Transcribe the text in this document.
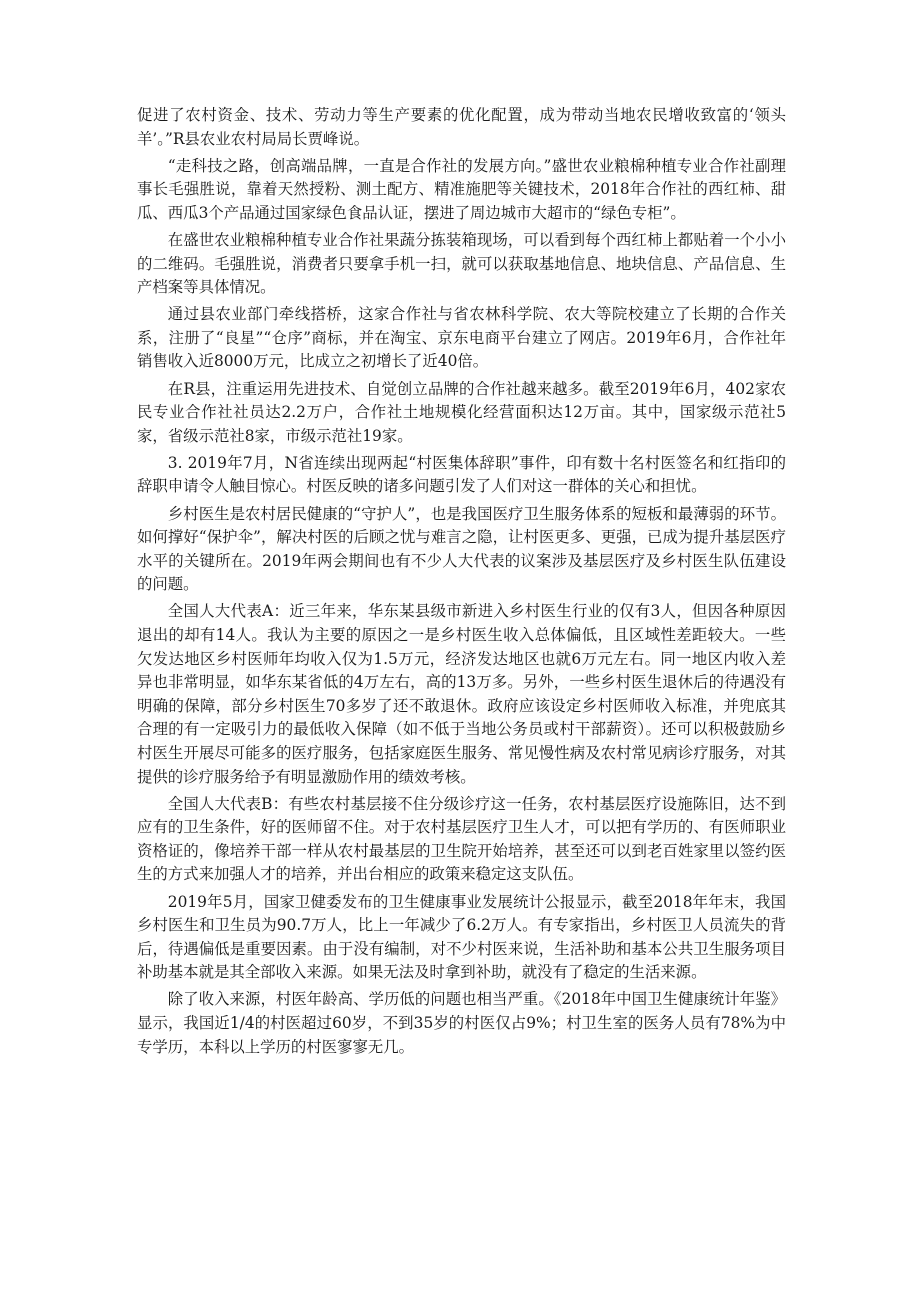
促进了农村资金、技术、劳动力等生产要素的优化配置，成为带动当地农民增收致富的‘领头羊’。”R县农业农村局局长贾峰说。

“走科技之路，创高端品牌，一直是合作社的发展方向。”盛世农业粮棉种植专业合作社副理事长毛强胜说，靠着天然授粉、测土配方、精准施肥等关键技术，2018年合作社的西红柿、甜瓜、西瓜3个产品通过国家绿色食品认证，摆进了周边城市大超市的“绿色专柜”。

在盛世农业粮棉种植专业合作社果蔬分拣装箱现场，可以看到每个西红柿上都贴着一个小小的二维码。毛强胜说，消费者只要拿手机一扫，就可以获取基地信息、地块信息、产品信息、生产档案等具体情况。

通过县农业部门牵线搭桥，这家合作社与省农林科学院、农大等院校建立了长期的合作关系，注册了“良星”“仓序”商标，并在淘宝、京东电商平台建立了网店。2019年6月，合作社年销售收入近8000万元，比成立之初增长了近40倍。

在R县，注重运用先进技术、自觉创立品牌的合作社越来越多。截至2019年6月，402家农民专业合作社社员达2.2万户，合作社土地规模化经营面积达12万亩。其中，国家级示范社5家，省级示范社8家，市级示范社19家。

3. 2019年7月，N省连续出现两起“村医集体辞职”事件，印有数十名村医签名和红指印的辞职申请令人触目惊心。村医反映的诸多问题引发了人们对这一群体的关心和担忧。

乡村医生是农村居民健康的“守护人”，也是我国医疗卫生服务体系的短板和最薄弱的环节。如何撑好“保护伞”，解决村医的后顾之忧与难言之隐，让村医更多、更强，已成为提升基层医疗水平的关键所在。2019年两会期间也有不少人大代表的议案涉及基层医疗及乡村医生队伍建设的问题。

全国人大代表A：近三年来，华东某县级市新进入乡村医生行业的仅有3人，但因各种原因退出的却有14人。我认为主要的原因之一是乡村医生收入总体偏低，且区域性差距较大。一些欠发达地区乡村医师年均收入仅为1.5万元，经济发达地区也就6万元左右。同一地区内收入差异也非常明显，如华东某省低的4万左右，高的13万多。另外，一些乡村医生退休后的待遇没有明确的保障，部分乡村医生70多岁了还不敢退休。政府应该设定乡村医师收入标准，并兜底其合理的有一定吸引力的最低收入保障（如不低于当地公务员或村干部薪资）。还可以积极鼓励乡村医生开展尽可能多的医疗服务，包括家庭医生服务、常见慢性病及农村常见病诊疗服务，对其提供的诊疗服务给予有明显激励作用的绩效考核。

全国人大代表B：有些农村基层接不住分级诊疗这一任务，农村基层医疗设施陈旧，达不到应有的卫生条件，好的医师留不住。对于农村基层医疗卫生人才，可以把有学历的、有医师职业资格证的，像培养干部一样从农村最基层的卫生院开始培养，甚至还可以到老百姓家里以签约医生的方式来加强人才的培养，并出台相应的政策来稳定这支队伍。

2019年5月，国家卫健委发布的卫生健康事业发展统计公报显示，截至2018年年末，我国乡村医生和卫生员为90.7万人，比上一年减少了6.2万人。有专家指出，乡村医卫人员流失的背后，待遇偏低是重要因素。由于没有编制，对不少村医来说，生活补助和基本公共卫生服务项目补助基本就是其全部收入来源。如果无法及时拿到补助，就没有了稳定的生活来源。

除了收入来源，村医年龄高、学历低的问题也相当严重。《2018年中国卫生健康统计年鉴》显示，我国近1/4的村医超过60岁，不到35岁的村医仅占9%；村卫生室的医务人员有78%为中专学历，本科以上学历的村医寥寥无几。
